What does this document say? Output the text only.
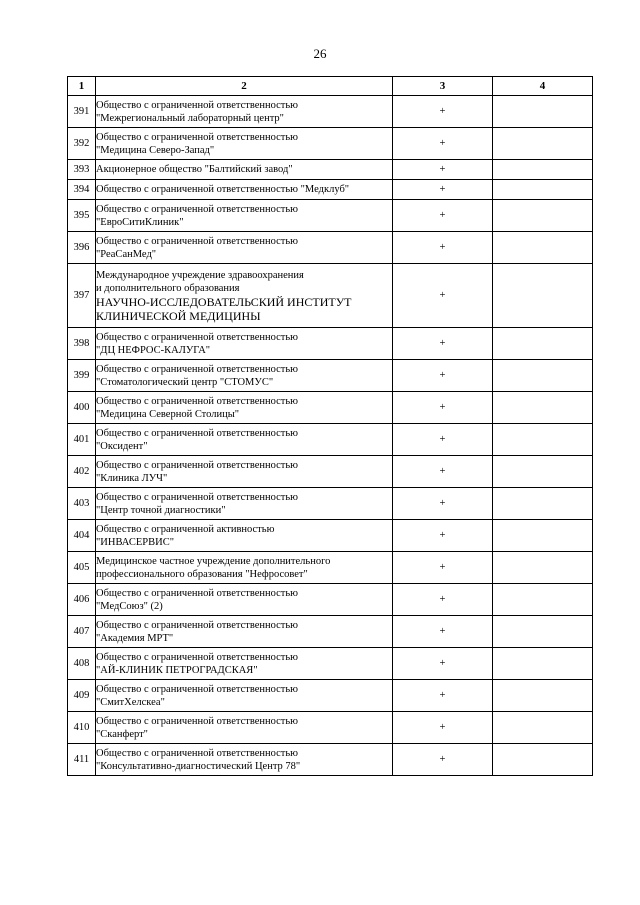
26
1	2	3	4
391	Общество с ограниченной ответственностью
"Межрегиональный лабораторный центр"	+	
392	Общество с ограниченной ответственностью
"Медицина Северо-Запад"	+	
393	Акционерное общество "Балтийский завод"	+	
394	Общество с ограниченной ответственностью "Медклуб"	+	
395	Общество с ограниченной ответственностью
"ЕвроСитиКлиник"	+	
396	Общество с ограниченной ответственностью
"РеаСанМед"	+	
397	Международное учреждение здравоохранения
и дополнительного образования
НАУЧНО-ИССЛЕДОВАТЕЛЬСКИЙ ИНСТИТУТ
КЛИНИЧЕСКОЙ МЕДИЦИНЫ	+	
398	Общество с ограниченной ответственностью
"ДЦ НЕФРОС-КАЛУГА"	+	
399	Общество с ограниченной ответственностью
"Стоматологический центр "СТОМУС"	+	
400	Общество с ограниченной ответственностью
"Медицина Северной Столицы"	+	
401	Общество с ограниченной ответственностью
"Оксидент"	+	
402	Общество с ограниченной ответственностью
"Клиника ЛУЧ"	+	
403	Общество с ограниченной ответственностью
"Центр точной диагностики"	+	
404	Общество с ограниченной активностью
"ИНВАСЕРВИС"	+	
405	Медицинское частное учреждение дополнительного
профессионального образования "Нефросовет"	+	
406	Общество с ограниченной ответственностью
"МедСоюз" (2)	+	
407	Общество с ограниченной ответственностью
"Академия МРТ"	+	
408	Общество с ограниченной ответственностью
"АЙ-КЛИНИК ПЕТРОГРАДСКАЯ"	+	
409	Общество с ограниченной ответственностью
"СмитХелскеа"	+	
410	Общество с ограниченной ответственностью
"Сканферт"	+	
411	Общество с ограниченной ответственностью
"Консультативно-диагностический Центр 78"	+	
